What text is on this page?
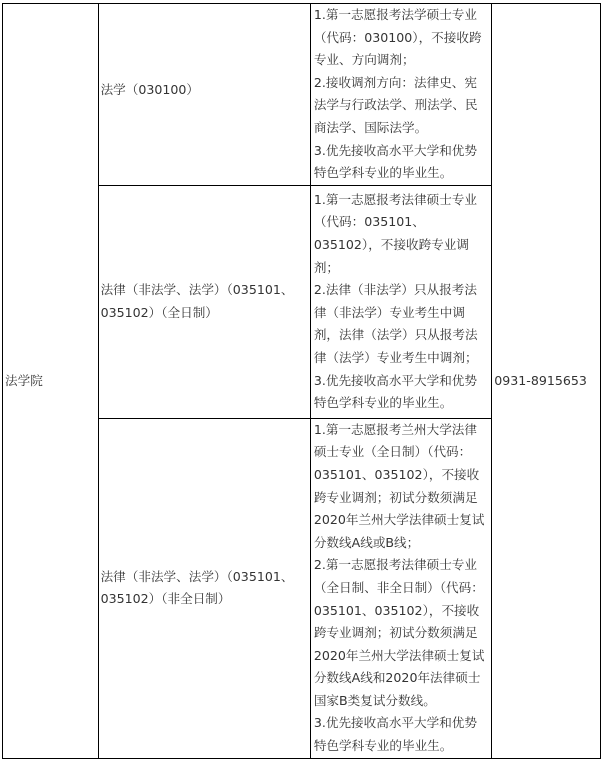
法学院	法学（030100）	1.第一志愿报考法学硕士专业（代码：030100），不接收跨专业、方向调剂；
2.接收调剂方向：法律史、宪法学与行政法学、刑法学、民商法学、国际法学。
3.优先接收高水平大学和优势特色学科专业的毕业生。	0931-8915653
	法律（非法学、法学）（035101、035102）（全日制）	1.第一志愿报考法律硕士专业（代码：035101、035102），不接收跨专业调剂；
2.法律（非法学）只从报考法律（非法学）专业考生中调剂，法律（法学）只从报考法律（法学）专业考生中调剂；
3.优先接收高水平大学和优势特色学科专业的毕业生。	

	法律（非法学、法学）（035101、035102）（非全日制）	1.第一志愿报考兰州大学法律硕士专业（全日制）（代码：035101、035102），不接收跨专业调剂；初试分数须满足2020年兰州大学法律硕士复试分数线A线或B线；
2.第一志愿报考法律硕士专业（全日制、非全日制）（代码：035101、035102），不接收跨专业调剂；初试分数须满足2020年兰州大学法律硕士复试分数线A线和2020年法律硕士国家B类复试分数线。
3.优先接收高水平大学和优势特色学科专业的毕业生。	
